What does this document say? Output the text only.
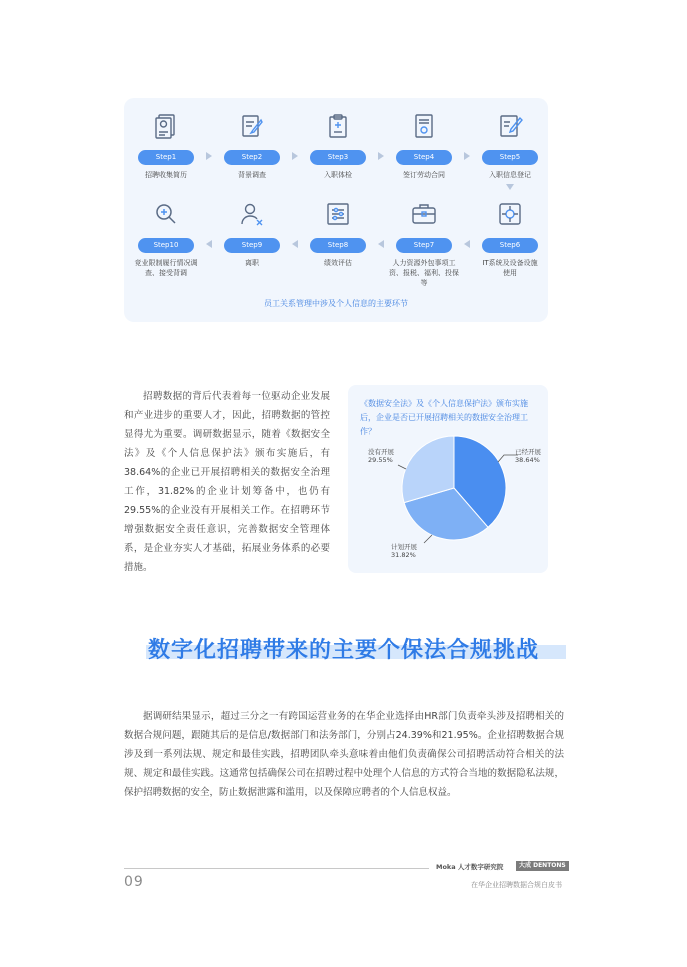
Step1
招聘收集简历
Step2
背景调查
Step3
入职体检
Step4
签订劳动合同
Step5
入职信息登记
Step10
竞业限制履行情况调查、接受背调
Step9
离职
Step8
绩效评估
Step7
人力资源外包事项工资、报税、福利、投保等
Step6
IT系统及设备设施使用
员工关系管理中涉及个人信息的主要环节
招聘数据的背后代表着每一位驱动企业发展和产业进步的重要人才，因此，招聘数据的管控显得尤为重要。调研数据显示，随着《数据安全法》及《个人信息保护法》颁布实施后，有38.64%的企业已开展招聘相关的数据安全治理工作，31.82%的企业计划筹备中，也仍有29.55%的企业没有开展相关工作。在招聘环节增强数据安全责任意识，完善数据安全管理体系，是企业夯实人才基础，拓展业务体系的必要措施。
《数据安全法》及《个人信息保护法》颁布实施后，企业是否已开展招聘相关的数据安全治理工作？
已经开展
38.64%
计划开展
31.82%
没有开展
29.55%
数字化招聘带来的主要个保法合规挑战
据调研结果显示，超过三分之一有跨国运营业务的在华企业选择由HR部门负责牵头涉及招聘相关的数据合规问题，跟随其后的是信息/数据部门和法务部门，分别占24.39%和21.95%。企业招聘数据合规涉及到一系列法规、规定和最佳实践，招聘团队牵头意味着由他们负责确保公司招聘活动符合相关的法规、规定和最佳实践。这通常包括确保公司在招聘过程中处理个人信息的方式符合当地的数据隐私法规，保护招聘数据的安全，防止数据泄露和滥用，以及保障应聘者的个人信息权益。
Moka 人才数字研究院	大成 DENTONS
09	在华企业招聘数据合规白皮书
